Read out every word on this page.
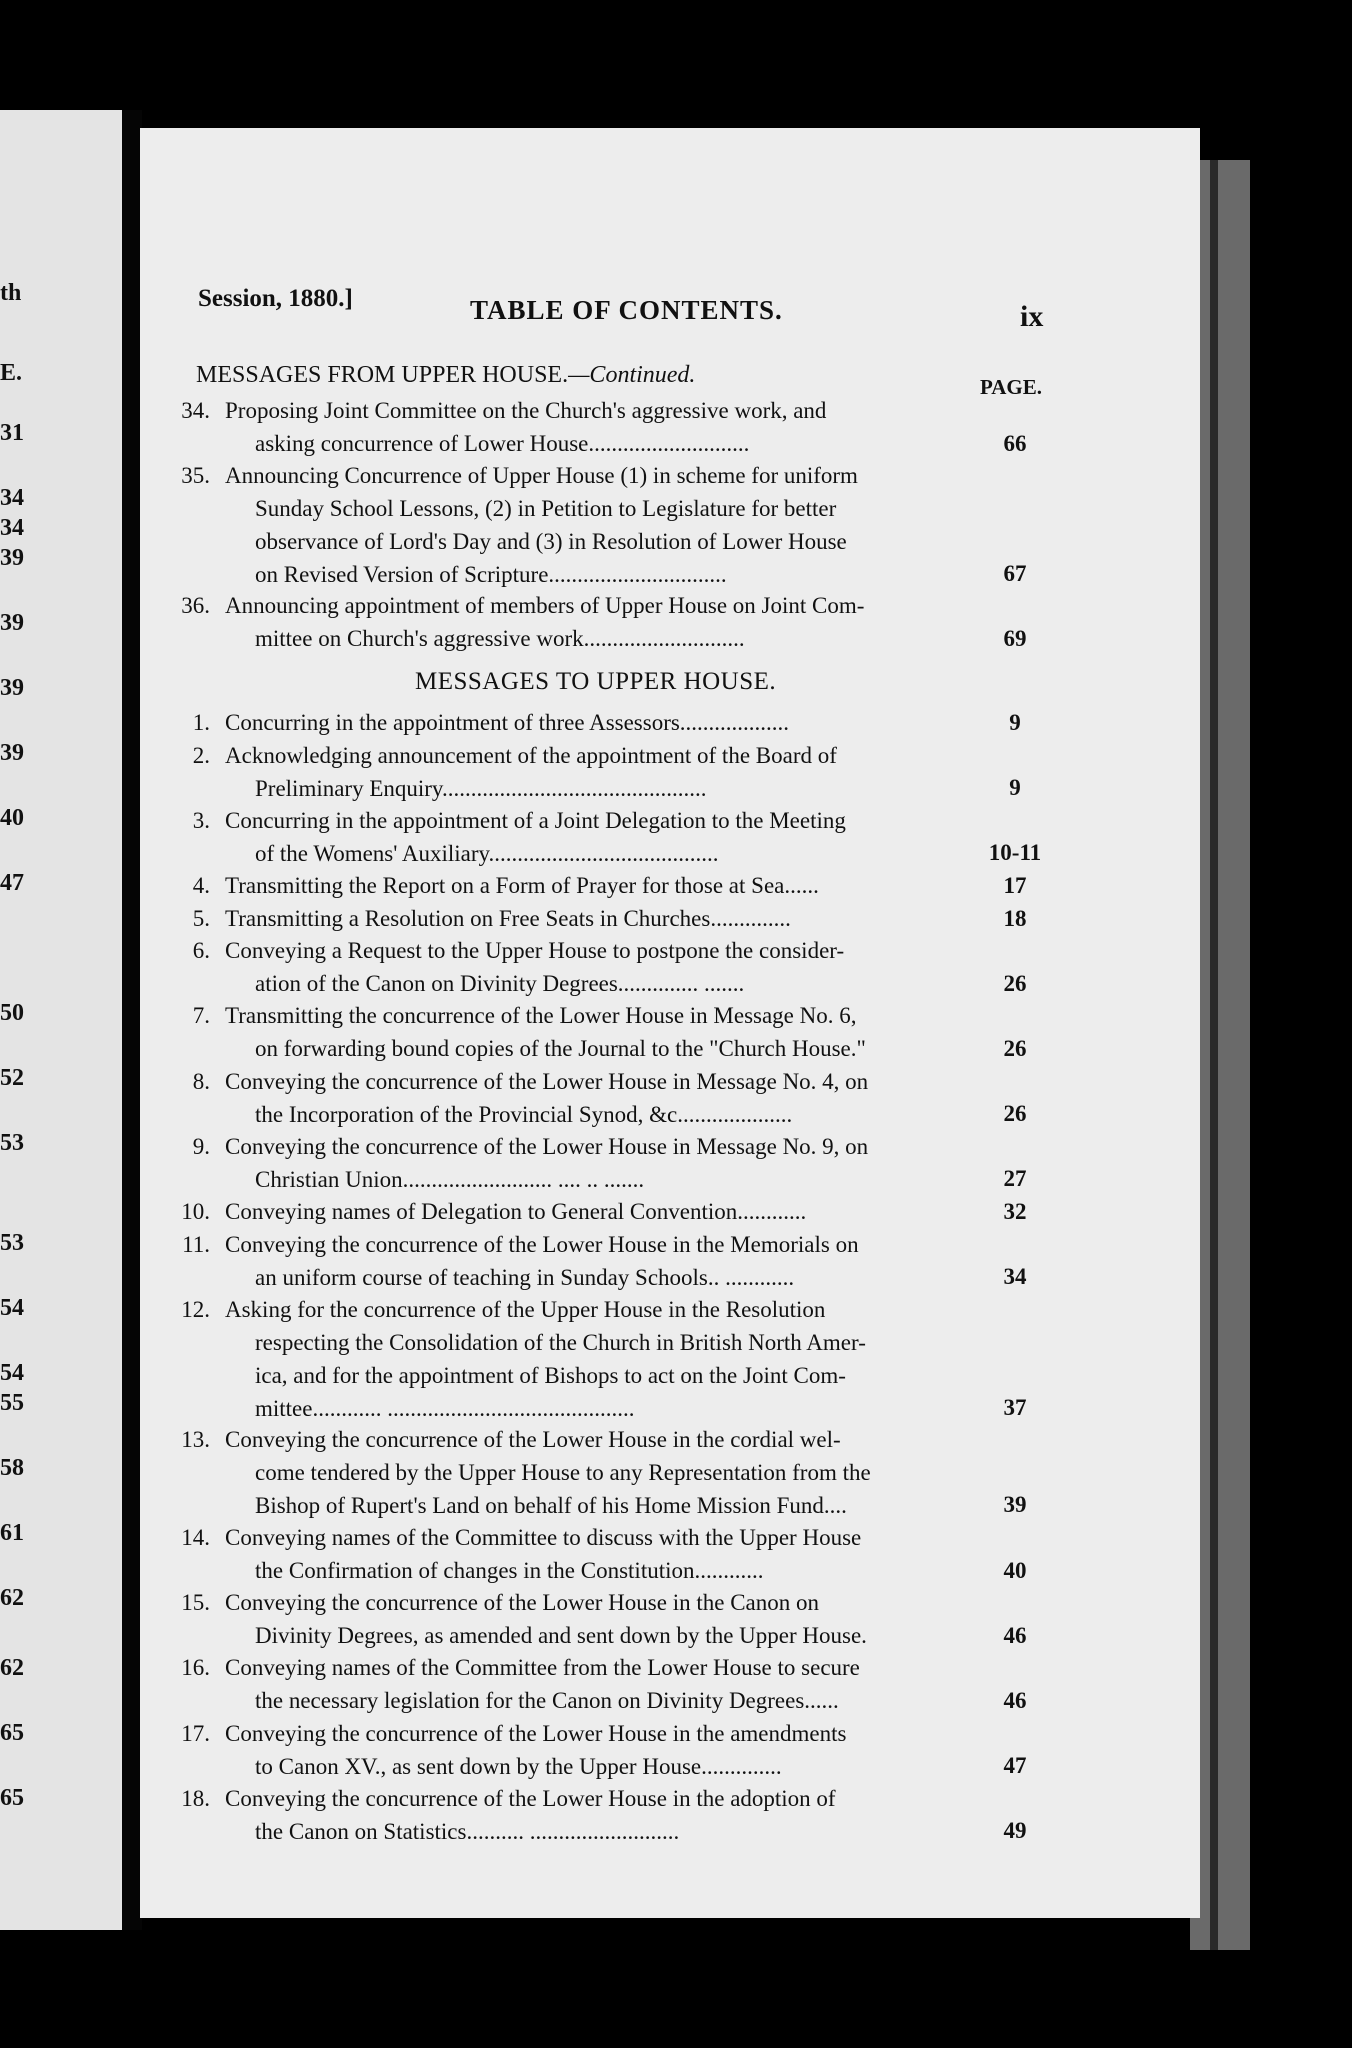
th
E.
31
34
34
39
39
39
39
40
47
50
52
53
53
54
54
55
58
61
62
62
65
65
Session, 1880.]	TABLE OF CONTENTS.	ix
MESSAGES FROM UPPER HOUSE.—Continued.	PAGE.
34. Proposing Joint Committee on the Church's aggressive work, and
asking concurrence of Lower House............................	66
35. Announcing Concurrence of Upper House (1) in scheme for uniform
Sunday School Lessons, (2) in Petition to Legislature for better
observance of Lord's Day and (3) in Resolution of Lower House
on Revised Version of Scripture...............................	67
36. Announcing appointment of members of Upper House on Joint Com-
mittee on Church's aggressive work............................	69
MESSAGES TO UPPER HOUSE.
1. Concurring in the appointment of three Assessors...................	9
2. Acknowledging announcement of the appointment of the Board of
Preliminary Enquiry..............................................	9
3. Concurring in the appointment of a Joint Delegation to the Meeting
of the Womens' Auxiliary........................................	10-11
4. Transmitting the Report on a Form of Prayer for those at Sea......	17
5. Transmitting a Resolution on Free Seats in Churches..............	18
6. Conveying a Request to the Upper House to postpone the consider-
ation of the Canon on Divinity Degrees.............. .......	26
7. Transmitting the concurrence of the Lower House in Message No. 6,
on forwarding bound copies of the Journal to the "Church House."	26
8. Conveying the concurrence of the Lower House in Message No. 4, on
the Incorporation of the Provincial Synod, &c....................	26
9. Conveying the concurrence of the Lower House in Message No. 9, on
Christian Union.......................... .... .. .......	27
10. Conveying names of Delegation to General Convention............	32
11. Conveying the concurrence of the Lower House in the Memorials on
an uniform course of teaching in Sunday Schools.. ............	34
12. Asking for the concurrence of the Upper House in the Resolution
respecting the Consolidation of the Church in British North Amer-
ica, and for the appointment of Bishops to act on the Joint Com-
mittee............ ...........................................	37
13. Conveying the concurrence of the Lower House in the cordial wel-
come tendered by the Upper House to any Representation from the
Bishop of Rupert's Land on behalf of his Home Mission Fund....	39
14. Conveying names of the Committee to discuss with the Upper House
the Confirmation of changes in the Constitution............	40
15. Conveying the concurrence of the Lower House in the Canon on
Divinity Degrees, as amended and sent down by the Upper House.	46
16. Conveying names of the Committee from the Lower House to secure
the necessary legislation for the Canon on Divinity Degrees......	46
17. Conveying the concurrence of the Lower House in the amendments
to Canon XV., as sent down by the Upper House..............	47
18. Conveying the concurrence of the Lower House in the adoption of
the Canon on Statistics.......... ..........................	49
